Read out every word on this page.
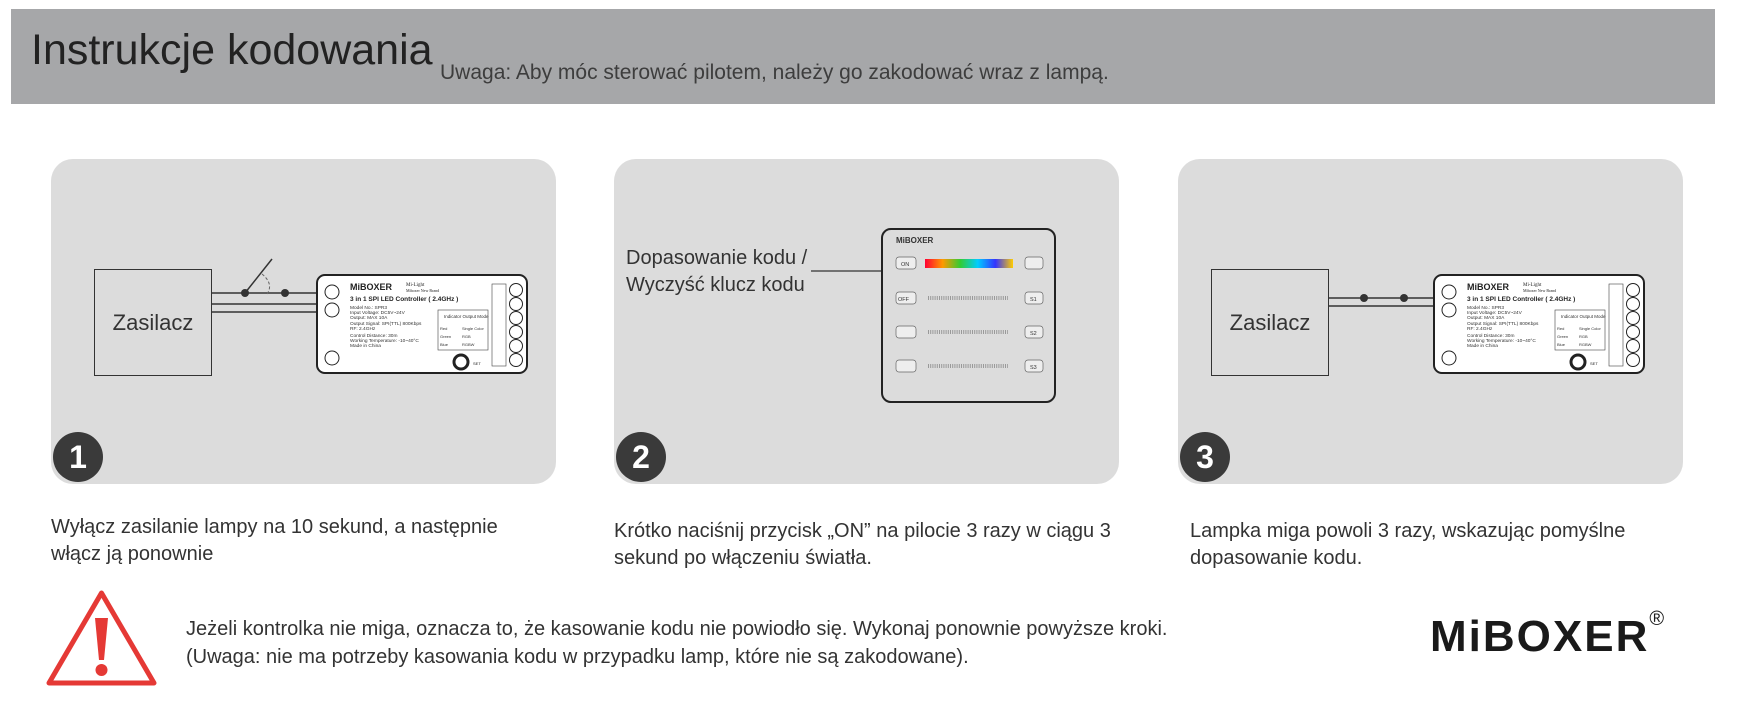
Instrukcje kodowania Uwaga: Aby móc sterować pilotem, należy go zakodować wraz z lampą.
Zasilacz
MiBOXER	Mi-Light
Miboxer New Brand
3 in 1 SPI LED Controller ( 2.4GHz )
Model No.: SPR3
Input Voltage: DC5V~24V
Output: MAX 10A
Output Signal: SPI(TTL) 800Kbps
RF: 2.4GHz
Control Distance: 30m
Working Temperature: -10~40°C
Made in China
Indicator Output Mode
Red	Single Color
Green	RGB
Blue	RGBW
SET
1
Dopasowanie kodu / Wyczyść klucz kodu
MiBOXER
ON
OFF	S1
S2
S3
2
Zasilacz
MiBOXER	Mi-Light
Miboxer New Brand
3 in 1 SPI LED Controller ( 2.4GHz )
Model No.: SPR3
Input Voltage: DC5V~24V
Output: MAX 10A
Output Signal: SPI(TTL) 800Kbps
RF: 2.4GHz
Control Distance: 30m
Working Temperature: -10~40°C
Made in China
Indicator Output Mode
Red	Single Color
Green	RGB
Blue	RGBW
SET
3
Wyłącz zasilanie lampy na 10 sekund, a następnie włącz ją ponownie
Krótko naciśnij przycisk „ON” na pilocie 3 razy w ciągu 3 sekund po włączeniu światła.
Lampka miga powoli 3 razy, wskazując pomyślne dopasowanie kodu.
Jeżeli kontrolka nie miga, oznacza to, że kasowanie kodu nie powiodło się. Wykonaj ponownie powyższe kroki.
(Uwaga: nie ma potrzeby kasowania kodu w przypadku lamp, które nie są zakodowane).	MiBOXER®
